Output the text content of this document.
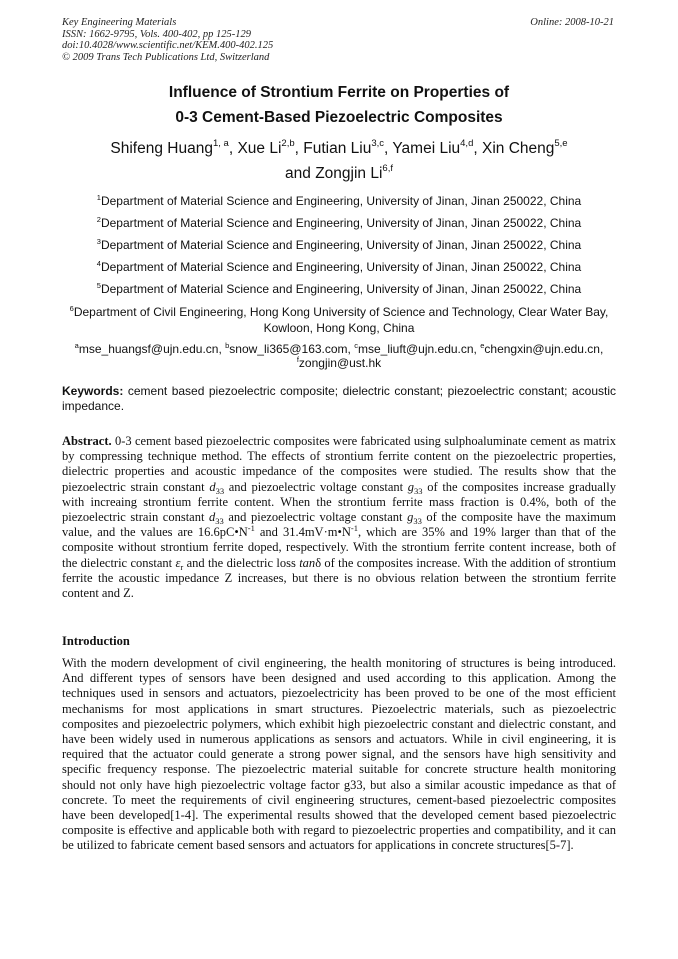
Key Engineering Materials
ISSN: 1662-9795, Vols. 400-402, pp 125-129
doi:10.4028/www.scientific.net/KEM.400-402.125
© 2009 Trans Tech Publications Ltd, Switzerland
Online: 2008-10-21
Influence of Strontium Ferrite on Properties of
0-3 Cement-Based Piezoelectric Composites
Shifeng Huang$^{1, a}$, Xue Li$^{2,b}$, Futian Liu$^{3,c}$, Yamei Liu$^{4,d}$, Xin Cheng$^{5,e}$
and Zongjin Li$^{6,f}$
$^1$Department of Material Science and Engineering, University of Jinan, Jinan 250022, China
$^2$Department of Material Science and Engineering, University of Jinan, Jinan 250022, China
$^3$Department of Material Science and Engineering, University of Jinan, Jinan 250022, China
$^4$Department of Material Science and Engineering, University of Jinan, Jinan 250022, China
$^5$Department of Material Science and Engineering, University of Jinan, Jinan 250022, China
$^6$Department of Civil Engineering, Hong Kong University of Science and Technology, Clear Water Bay, Kowloon, Hong Kong, China
$^a$mse_huangsf@ujn.edu.cn, $^b$snow_li365@163.com, $^c$mse_liuft@ujn.edu.cn, $^e$chengxin@ujn.edu.cn, $^f$zongjin@ust.hk
Keywords: cement based piezoelectric composite; dielectric constant; piezoelectric constant; acoustic impedance.
Abstract. 0-3 cement based piezoelectric composites were fabricated using sulphoaluminate cement as matrix by compressing technique method. The effects of strontium ferrite content on the piezoelectric properties, dielectric properties and acoustic impedance of the composites were studied. The results show that the piezoelectric strain constant $d_{33}$ and piezoelectric voltage constant $g_{33}$ of the composites increase gradually with increaing strontium ferrite content. When the strontium ferrite mass fraction is 0.4%, both of the piezoelectric strain constant $d_{33}$ and piezoelectric voltage constant $g_{33}$ of the composite have the maximum value, and the values are $16.6pC•N^{-1}$ and $31.4mV\cdot m•N^{-1}$, which are 35% and 19% larger than that of the composite without strontium ferrite doped, respectively. With the strontium ferrite content increase, both of the dielectric constant $\varepsilon_r$ and the dielectric loss tanδ of the composites increase. With the addition of strontium ferrite the acoustic impedance Z increases, but there is no obvious relation between the strontium ferrite content and Z.
Introduction
With the modern development of civil engineering, the health monitoring of structures is being introduced. And different types of sensors have been designed and used according to this application. Among the techniques used in sensors and actuators, piezoelectricity has been proved to be one of the most efficient mechanisms for most applications in smart structures. Piezoelectric materials, such as piezoelectric composites and piezoelectric polymers, which exhibit high piezoelectric constant and dielectric constant, and have been widely used in numerous applications as sensors and actuators. While in civil engineering, it is required that the actuator could generate a strong power signal, and the sensors have high sensitivity and specific frequency response. The piezoelectric material suitable for concrete structure health monitoring should not only have high piezoelectric voltage factor g33, but also a similar acoustic impedance as that of concrete. To meet the requirements of civil engineering structures, cement-based piezoelectric composites have been developed[1-4]. The experimental results showed that the developed cement based piezoelectric composite is effective and applicable both with regard to piezoelectric properties and compatibility, and it can be utilized to fabricate cement based sensors and actuators for applications in concrete structures[5-7].
